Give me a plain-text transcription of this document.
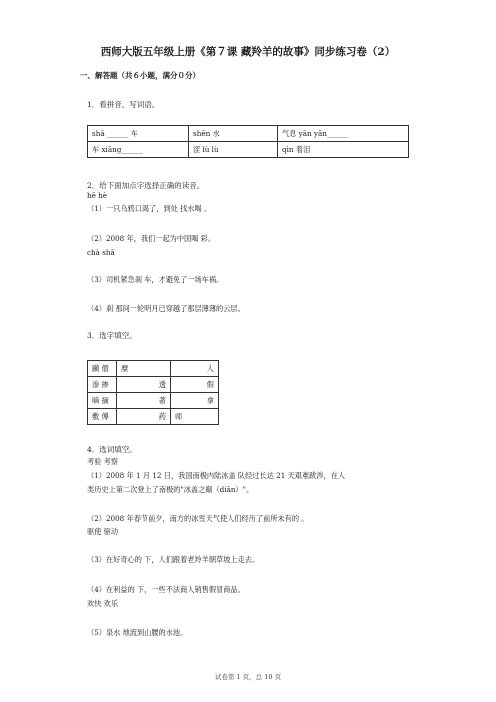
西师大版五年级上册《第７课 藏羚羊的故事》同步练习卷（2）
一、解答题（共６小题，满分０分）
1．看拼音，写词语。
shā ______ 车	shēn 水	气息 yān yān______
车 xiāng______	涩 lù lù	qìn 着泪
2．给下面加点字选择正确的读音。
hē hè
（1）一只乌鸦口渴了，到处 找水喝 。
（2）2008 年，我们一起为中国喝 彩。
chà shā
（3）司机紧急刹 车，才避免了一场车祸。
（4）刹 那间一轮明月已穿越了那层薄薄的云层。
3．选字填空。
躏 僧	糜	人
渗 掺	透	假
嘀 摘	著	拿
敷 傅	药	师
4．选词填空。
考验 考察
（1）2008 年 1 月 12 日，我国南极内陆冰盖 队经过长达 21 天艰难跋涉，在人
类历史上第二次登上了南极的"冰盖之巅（diān）"。
（2）2008 年春节前夕，南方的冰雪天气使人们经历了前所未有的 。
驱使 驱动
（3）在好奇心的 下，人们跟着老羚羊朝草坡上走去。
（4）在利益的 下，一些不法商人销售假冒商品。
欢快 欢乐
（5）泉水 地流到山腰的水池。
试卷第 1 页，总 10 页
